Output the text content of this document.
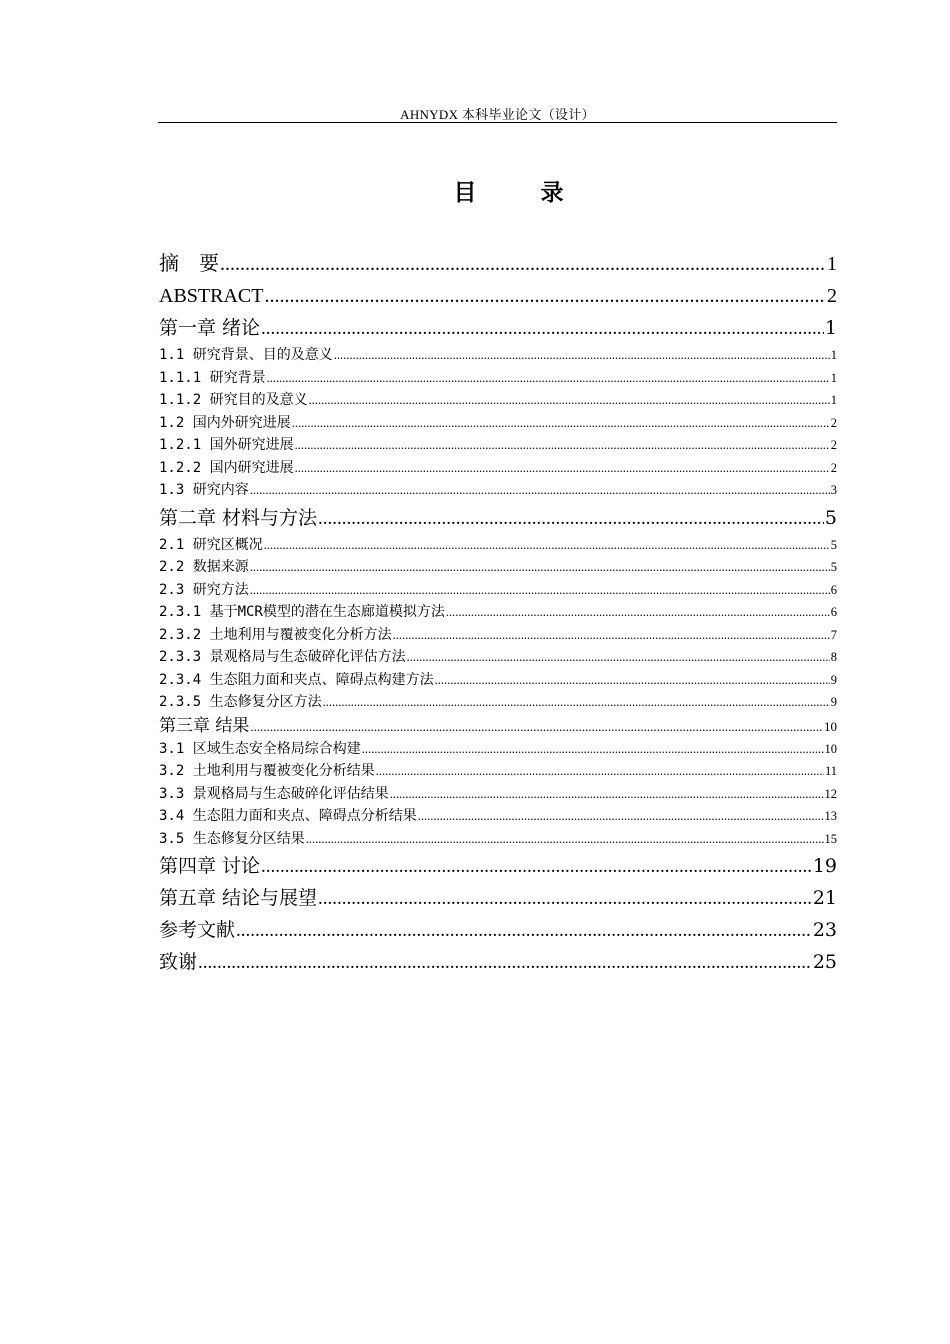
AHNYDX 本科毕业论文（设计）
目 录
摘　要 .....	1
ABSTRACT .....	2
第一章 绪论 .....	1
1.1 研究背景、目的及意义 .....	1
1.1.1 研究背景 .....	1
1.1.2 研究目的及意义 .....	1
1.2 国内外研究进展 .....	2
1.2.1 国外研究进展 .....	2
1.2.2 国内研究进展 .....	2
1.3 研究内容 .....	3
第二章 材料与方法 .....	5
2.1 研究区概况 .....	5
2.2 数据来源 .....	5
2.3 研究方法 .....	6
2.3.1 基于MCR模型的潜在生态廊道模拟方法 .....	6
2.3.2 土地利用与覆被变化分析方法 .....	7
2.3.3 景观格局与生态破碎化评估方法 .....	8
2.3.4 生态阻力面和夹点、障碍点构建方法 .....	9
2.3.5 生态修复分区方法 .....	9
第三章 结果 .....	10
3.1 区域生态安全格局综合构建 .....	10
3.2 土地利用与覆被变化分析结果 .....	11
3.3 景观格局与生态破碎化评估结果 .....	12
3.4 生态阻力面和夹点、障碍点分析结果 .....	13
3.5 生态修复分区结果 .....	15
第四章 讨论 .....	19
第五章 结论与展望 .....	21
参考文献 .....	23
致谢 .....	25
